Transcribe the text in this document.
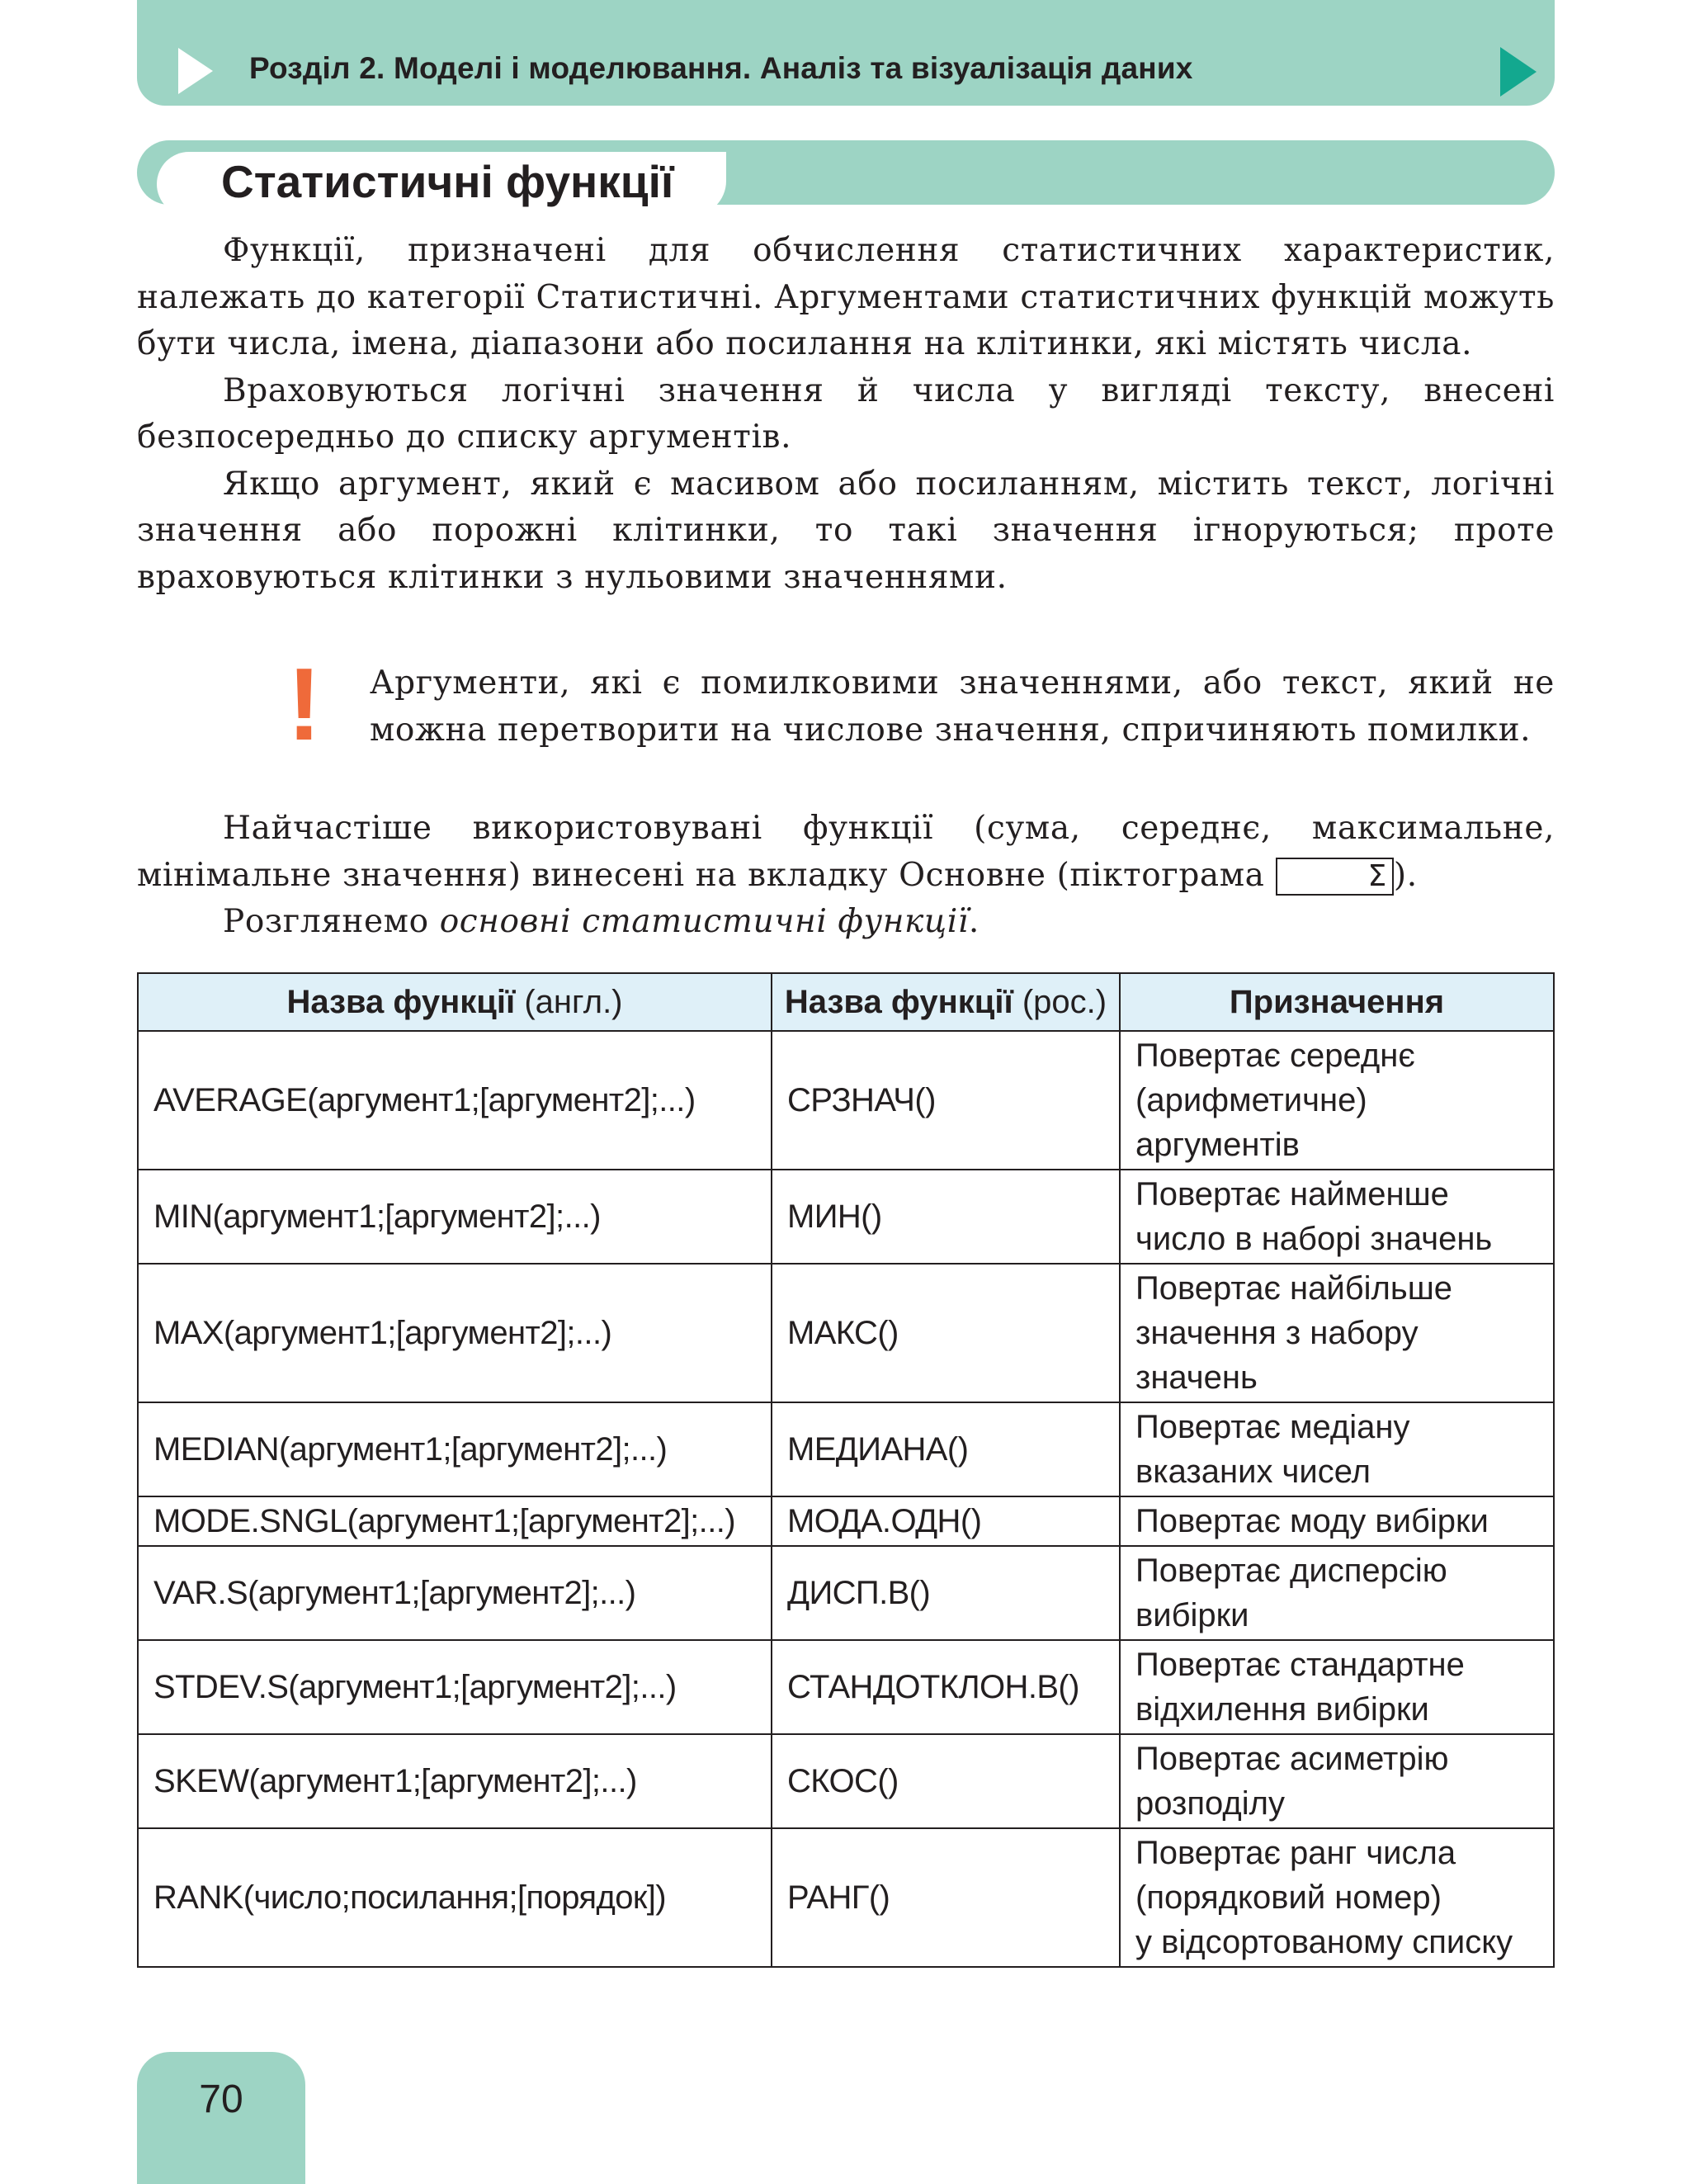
Розділ 2. Моделі і моделювання. Аналіз та візуалізація даних
Статистичні функції

Функції, призначені для обчислення статистичних характеристик, належать до категорії Статистичні. Аргументами статистичних функцій можуть бути числа, імена, діапазони або посилання на клітинки, які містять числа.

Враховуються логічні значення й числа у вигляді тексту, внесені безпосередньо до списку аргументів.

Якщо аргумент, який є масивом або посиланням, містить текст, логічні значення або порожні клітинки, то такі значення ігноруються; проте враховуються клітинки з нульовими значеннями.

! Аргументи, які є помилковими значеннями, або текст, який не можна перетворити на числове значення, спричиняють помилки.

Найчастіше використовувані функції (сума, середнє, максимальне, мінімальне значення) винесені на вкладку Основне (піктограма	Σ ).

Розглянемо основні статистичні функції.

Назва функції (англ.)	Назва функції (рос.)	Призначення
AVERAGE(аргумент1;[аргумент2];...)	СРЗНАЧ()	Повертає середнє
(арифметичне) аргументів

MIN(аргумент1;[аргумент2];...)	МИН()	Повертає найменше
число в наборі значень

MAX(аргумент1;[аргумент2];...)	МАКС()	Повертає найбільше
значення з набору
значень

MEDIAN(аргумент1;[аргумент2];...)	МЕДИАНА()	Повертає медіану
вказаних чисел

MODE.SNGL(аргумент1;[аргумент2];...)	МОДА.ОДН()	Повертає моду вибірки

VAR.S(аргумент1;[аргумент2];...)	ДИСП.В()	Повертає дисперсію
вибірки

STDEV.S(аргумент1;[аргумент2];...)	СТАНДОТКЛОН.В()	Повертає стандартне
відхилення вибірки

SKEW(аргумент1;[аргумент2];...)	СКОС()	Повертає асиметрію
розподілу

RANK(число;посилання;[порядок])	РАНГ()	Повертає ранг числа
(порядковий номер)
у відсортованому списку
70
